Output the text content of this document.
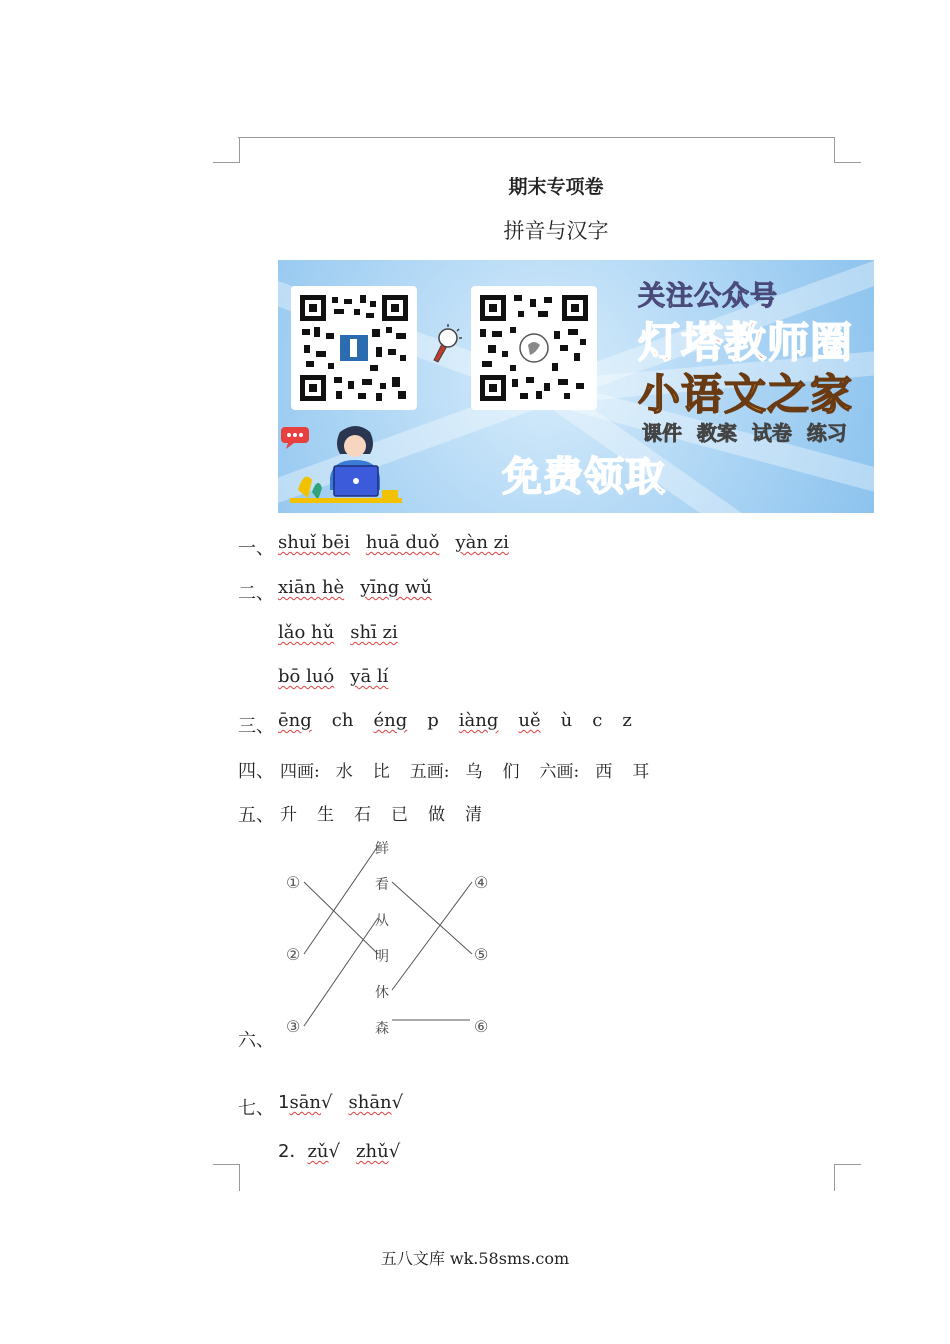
期末专项卷
拼音与汉字
关注公众号
灯塔教师圈
小语文之家
课件 教案 试卷 练习
免费领取
一、 shuǐ bēi huā duǒ yàn zi
二、 xiān hè yīng wǔ
lǎo hǔ shī zi
bō luó yā lí
三、 ēng ch éng p iàng uě ù c z
四、 四画: 水 比 五画: 乌 们 六画: 西 耳
五、 升 生 石 已 做 清
六、
①
②
③
鲜
看
从
明
休
森
④
⑤
⑥
七、 1sān√ shān√
2．zǔ√ zhǔ√
五八文库 wk.58sms.com
